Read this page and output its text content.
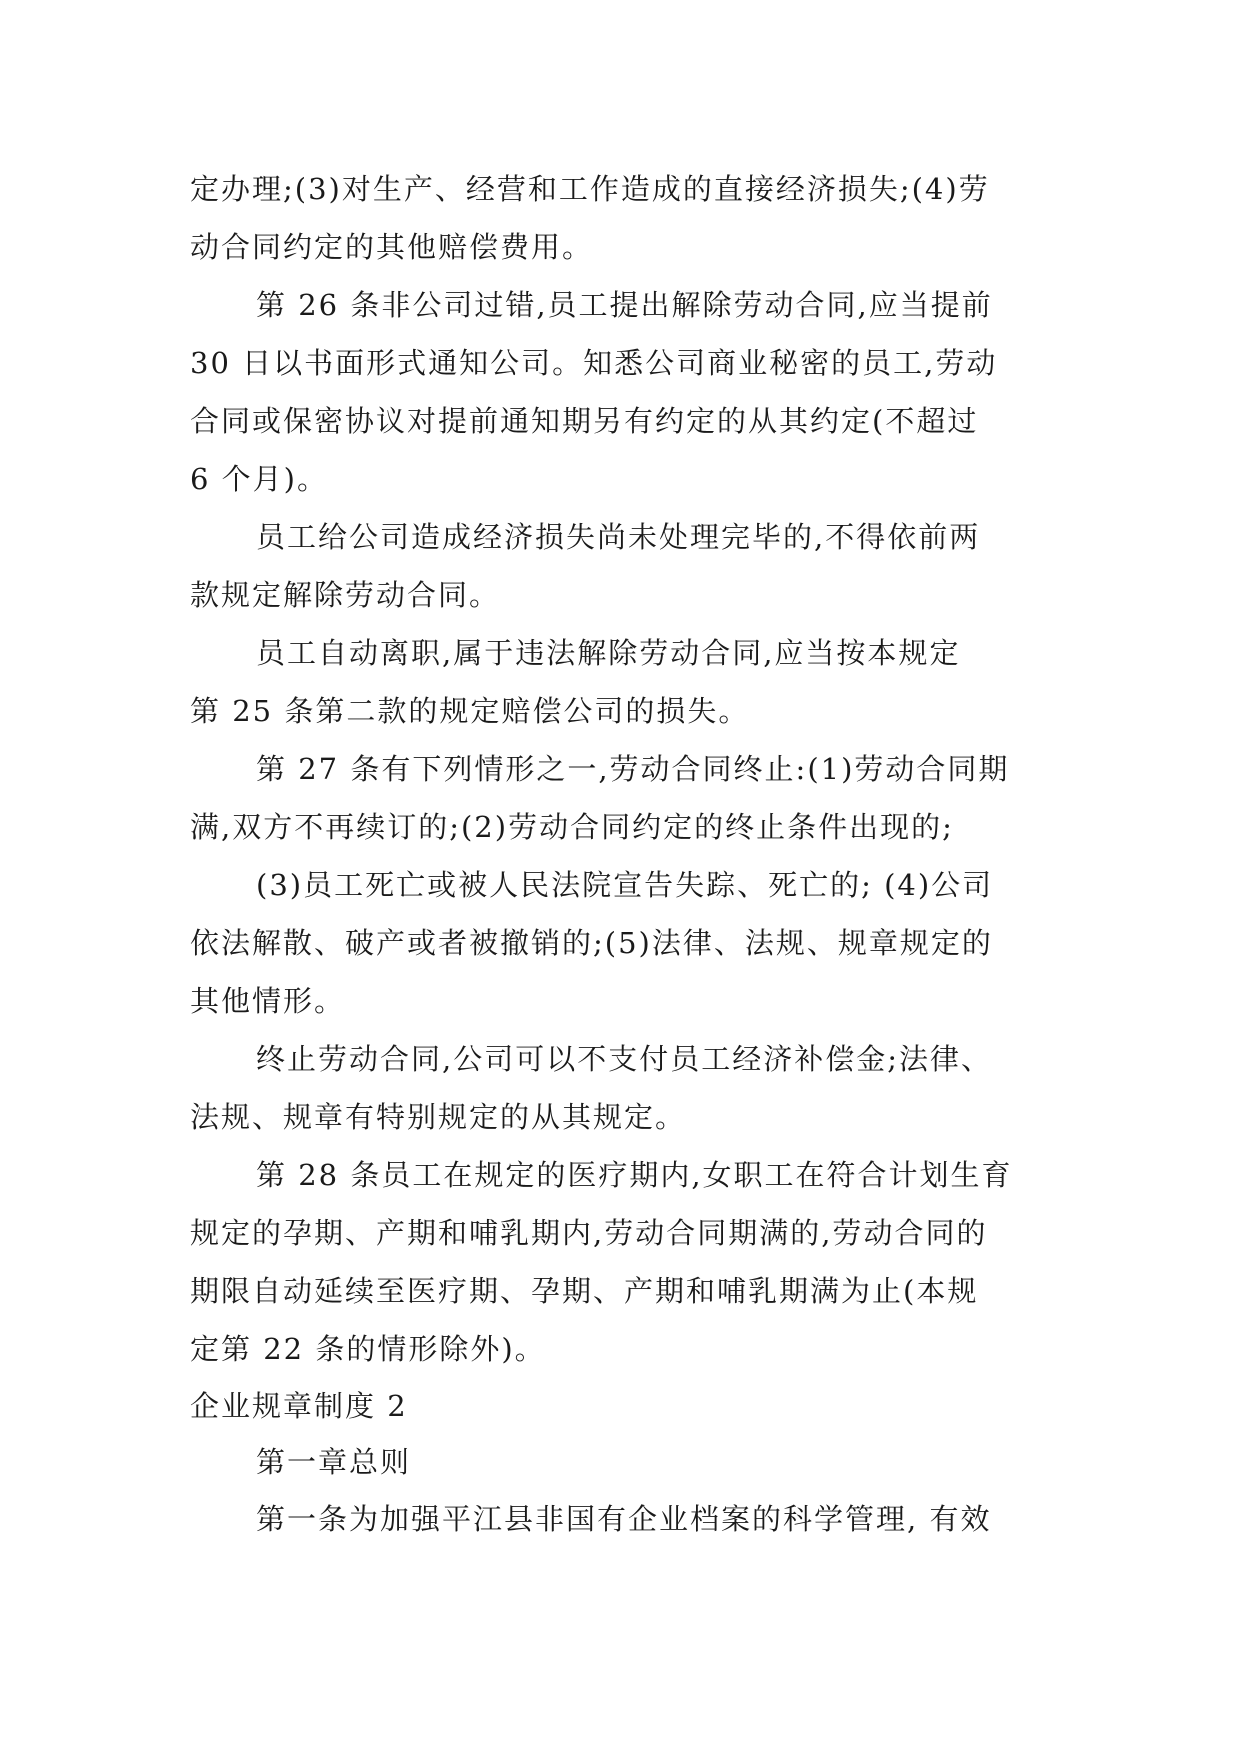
定办理;(3)对生产、经营和工作造成的直接经济损失;(4)劳
动合同约定的其他赔偿费用。
第 26 条非公司过错,员工提出解除劳动合同,应当提前
30 日以书面形式通知公司。知悉公司商业秘密的员工,劳动
合同或保密协议对提前通知期另有约定的从其约定(不超过
6 个月)。
员工给公司造成经济损失尚未处理完毕的,不得依前两
款规定解除劳动合同。
员工自动离职,属于违法解除劳动合同,应当按本规定
第 25 条第二款的规定赔偿公司的损失。
第 27 条有下列情形之一,劳动合同终止:(1)劳动合同期
满,双方不再续订的;(2)劳动合同约定的终止条件出现的;
(3)员工死亡或被人民法院宣告失踪、死亡的; (4)公司
依法解散、破产或者被撤销的;(5)法律、法规、规章规定的
其他情形。
终止劳动合同,公司可以不支付员工经济补偿金;法律、
法规、规章有特别规定的从其规定。
第 28 条员工在规定的医疗期内,女职工在符合计划生育
规定的孕期、产期和哺乳期内,劳动合同期满的,劳动合同的
期限自动延续至医疗期、孕期、产期和哺乳期满为止(本规
定第 22 条的情形除外)。
企业规章制度 2
第一章总则
第一条为加强平江县非国有企业档案的科学管理, 有效
